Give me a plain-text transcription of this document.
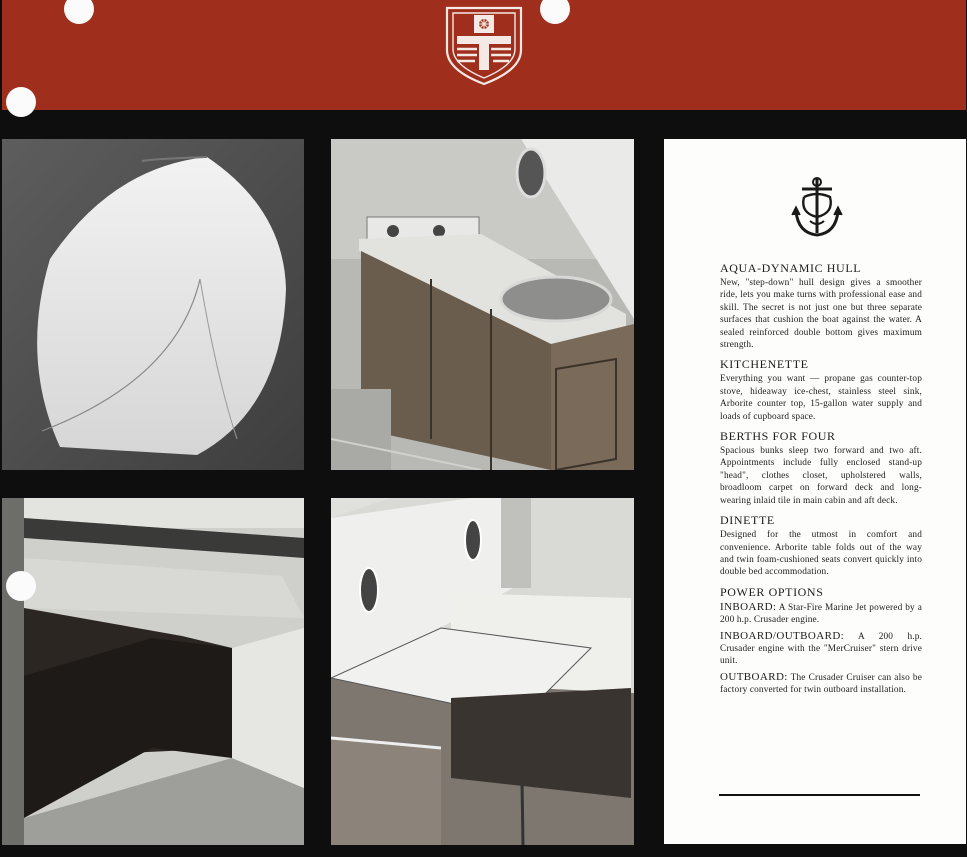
AQUA-DYNAMIC HULL

New, "step-down" hull design gives a smoother ride, lets you make turns with professional ease and skill. The secret is not just one but three separate surfaces that cushion the boat against the water. A sealed reinforced double bottom gives maximum strength.

KITCHENETTE

Everything you want — propane gas counter-top stove, hideaway ice-chest, stainless steel sink, Arborite counter top, 15-gallon water supply and loads of cupboard space.

BERTHS FOR FOUR

Spacious bunks sleep two forward and two aft. Appointments include fully enclosed stand-up "head", clothes closet, upholstered walls, broadloom carpet on forward deck and long-wearing inlaid tile in main cabin and aft deck.

DINETTE

Designed for the utmost in comfort and convenience. Arborite table folds out of the way and twin foam-cushioned seats convert quickly into double bed accommodation.

POWER OPTIONS

INBOARD: A Star-Fire Marine Jet powered by a 200 h.p. Crusader engine.

INBOARD/OUTBOARD: A 200 h.p. Crusader engine with the "MerCruiser" stern drive unit.

OUTBOARD: The Crusader Cruiser can also be factory converted for twin outboard installation.
